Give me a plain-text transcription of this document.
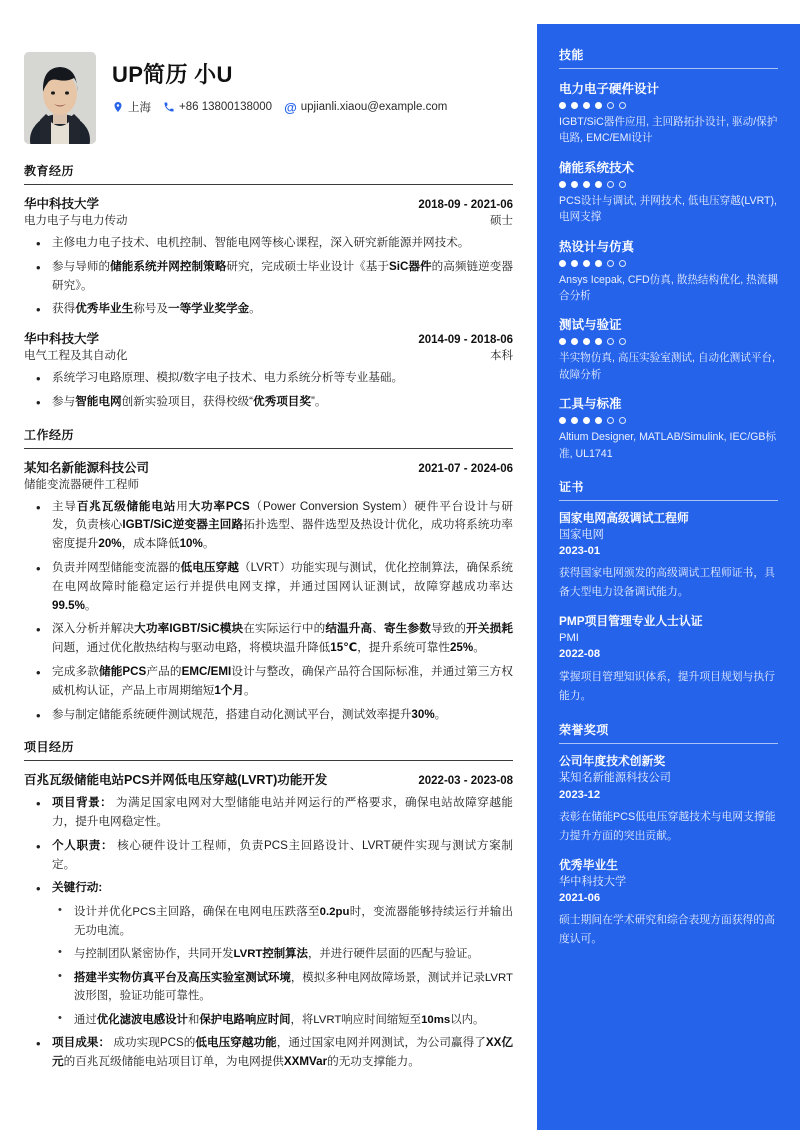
UP简历 小U
上海 +86 13800138000 @ upjianli.xiaou@example.com
教育经历
华中科技大学	2018-09 - 2021-06
电力电子与电力传动	硕士
• 主修电力电子技术、电机控制、智能电网等核心课程，深入研究新能源并网技术。
• 参与导师的储能系统并网控制策略研究，完成硕士毕业设计《基于SiC器件的高频链逆变器研究》。
• 获得优秀毕业生称号及一等学业奖学金。
华中科技大学	2014-09 - 2018-06
电气工程及其自动化	本科
• 系统学习电路原理、模拟/数字电子技术、电力系统分析等专业基础。
• 参与智能电网创新实验项目，获得校级“优秀项目奖”。
工作经历
某知名新能源科技公司	2021-07 - 2024-06
储能变流器硬件工程师
• 主导百兆瓦级储能电站用大功率PCS（Power Conversion System）硬件平台设计与研发，负责核心IGBT/SiC逆变器主回路拓扑选型、器件选型及热设计优化，成功将系统功率密度提升20%，成本降低10%。
• 负责并网型储能变流器的低电压穿越（LVRT）功能实现与测试，优化控制算法，确保系统在电网故障时能稳定运行并提供电网支撑，并通过国网认证测试，故障穿越成功率达99.5%。
• 深入分析并解决大功率IGBT/SiC模块在实际运行中的结温升高、寄生参数导致的开关损耗问题，通过优化散热结构与驱动电路，将模块温升降低15℃，提升系统可靠性25%。
• 完成多款储能PCS产品的EMC/EMI设计与整改，确保产品符合国际标准，并通过第三方权威机构认证，产品上市周期缩短1个月。
• 参与制定储能系统硬件测试规范，搭建自动化测试平台，测试效率提升30%。
项目经历
百兆瓦级储能电站PCS并网低电压穿越(LVRT)功能开发	2022-03 - 2023-08
• 项目背景： 为满足国家电网对大型储能电站并网运行的严格要求，确保电站故障穿越能力，提升电网稳定性。
• 个人职责： 核心硬件设计工程师，负责PCS主回路设计、LVRT硬件实现与测试方案制定。
• 关键行动:
• 设计并优化PCS主回路，确保在电网电压跌落至0.2pu时，变流器能够持续运行并输出无功电流。
• 与控制团队紧密协作，共同开发LVRT控制算法，并进行硬件层面的匹配与验证。
• 搭建半实物仿真平台及高压实验室测试环境，模拟多种电网故障场景，测试并记录LVRT波形图，验证功能可靠性。
• 通过优化滤波电感设计和保护电路响应时间，将LVRT响应时间缩短至10ms以内。
• 项目成果： 成功实现PCS的低电压穿越功能，通过国家电网并网测试，为公司赢得了XX亿元的百兆瓦级储能电站项目订单，为电网提供XXMVar的无功支撑能力。
技能
电力电子硬件设计
IGBT/SiC器件应用, 主回路拓扑设计, 驱动/保护电路, EMC/EMI设计
储能系统技术
PCS设计与调试, 并网技术, 低电压穿越(LVRT), 电网支撑
热设计与仿真
Ansys Icepak, CFD仿真, 散热结构优化, 热流耦合分析
测试与验证
半实物仿真, 高压实验室测试, 自动化测试平台, 故障分析
工具与标准
Altium Designer, MATLAB/Simulink, IEC/GB标准, UL1741
证书
国家电网高级调试工程师
国家电网
2023-01
获得国家电网颁发的高级调试工程师证书，具备大型电力设备调试能力。
PMP项目管理专业人士认证
PMI
2022-08
掌握项目管理知识体系，提升项目规划与执行能力。
荣誉奖项
公司年度技术创新奖
某知名新能源科技公司
2023-12
表彰在储能PCS低电压穿越技术与电网支撑能力提升方面的突出贡献。
优秀毕业生
华中科技大学
2021-06
硕士期间在学术研究和综合表现方面获得的高度认可。
